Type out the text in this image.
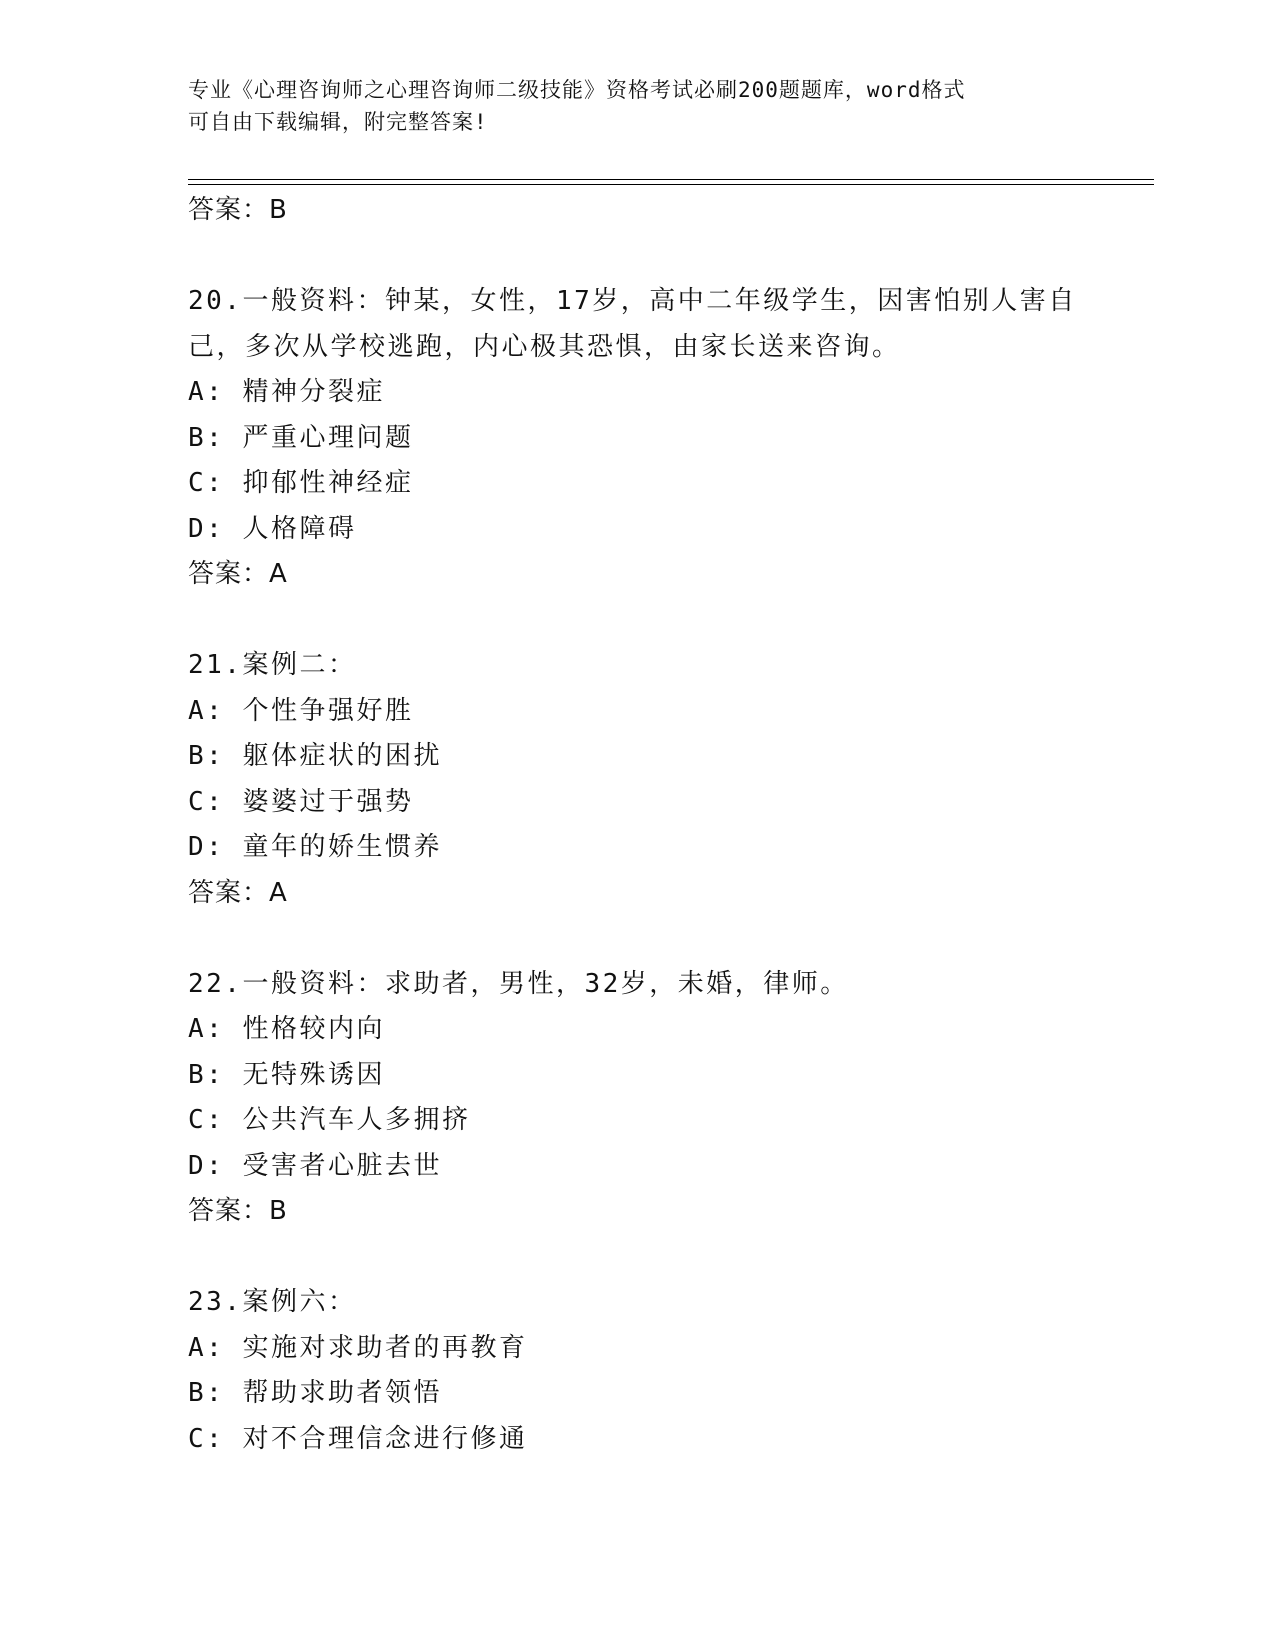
专业《心理咨询师之心理咨询师二级技能》资格考试必刷200题题库，word格式
可自由下载编辑，附完整答案!
答案：B
20.一般资料：钟某，女性，17岁，高中二年级学生，因害怕别人害自
己，多次从学校逃跑，内心极其恐惧，由家长送来咨询。
A: 精神分裂症
B: 严重心理问题
C: 抑郁性神经症
D: 人格障碍
答案：A
21.案例二：
A: 个性争强好胜
B: 躯体症状的困扰
C: 婆婆过于强势
D: 童年的娇生惯养
答案：A
22.一般资料：求助者，男性，32岁，未婚，律师。
A: 性格较内向
B: 无特殊诱因
C: 公共汽车人多拥挤
D: 受害者心脏去世
答案：B
23.案例六：
A: 实施对求助者的再教育
B: 帮助求助者领悟
C: 对不合理信念进行修通
